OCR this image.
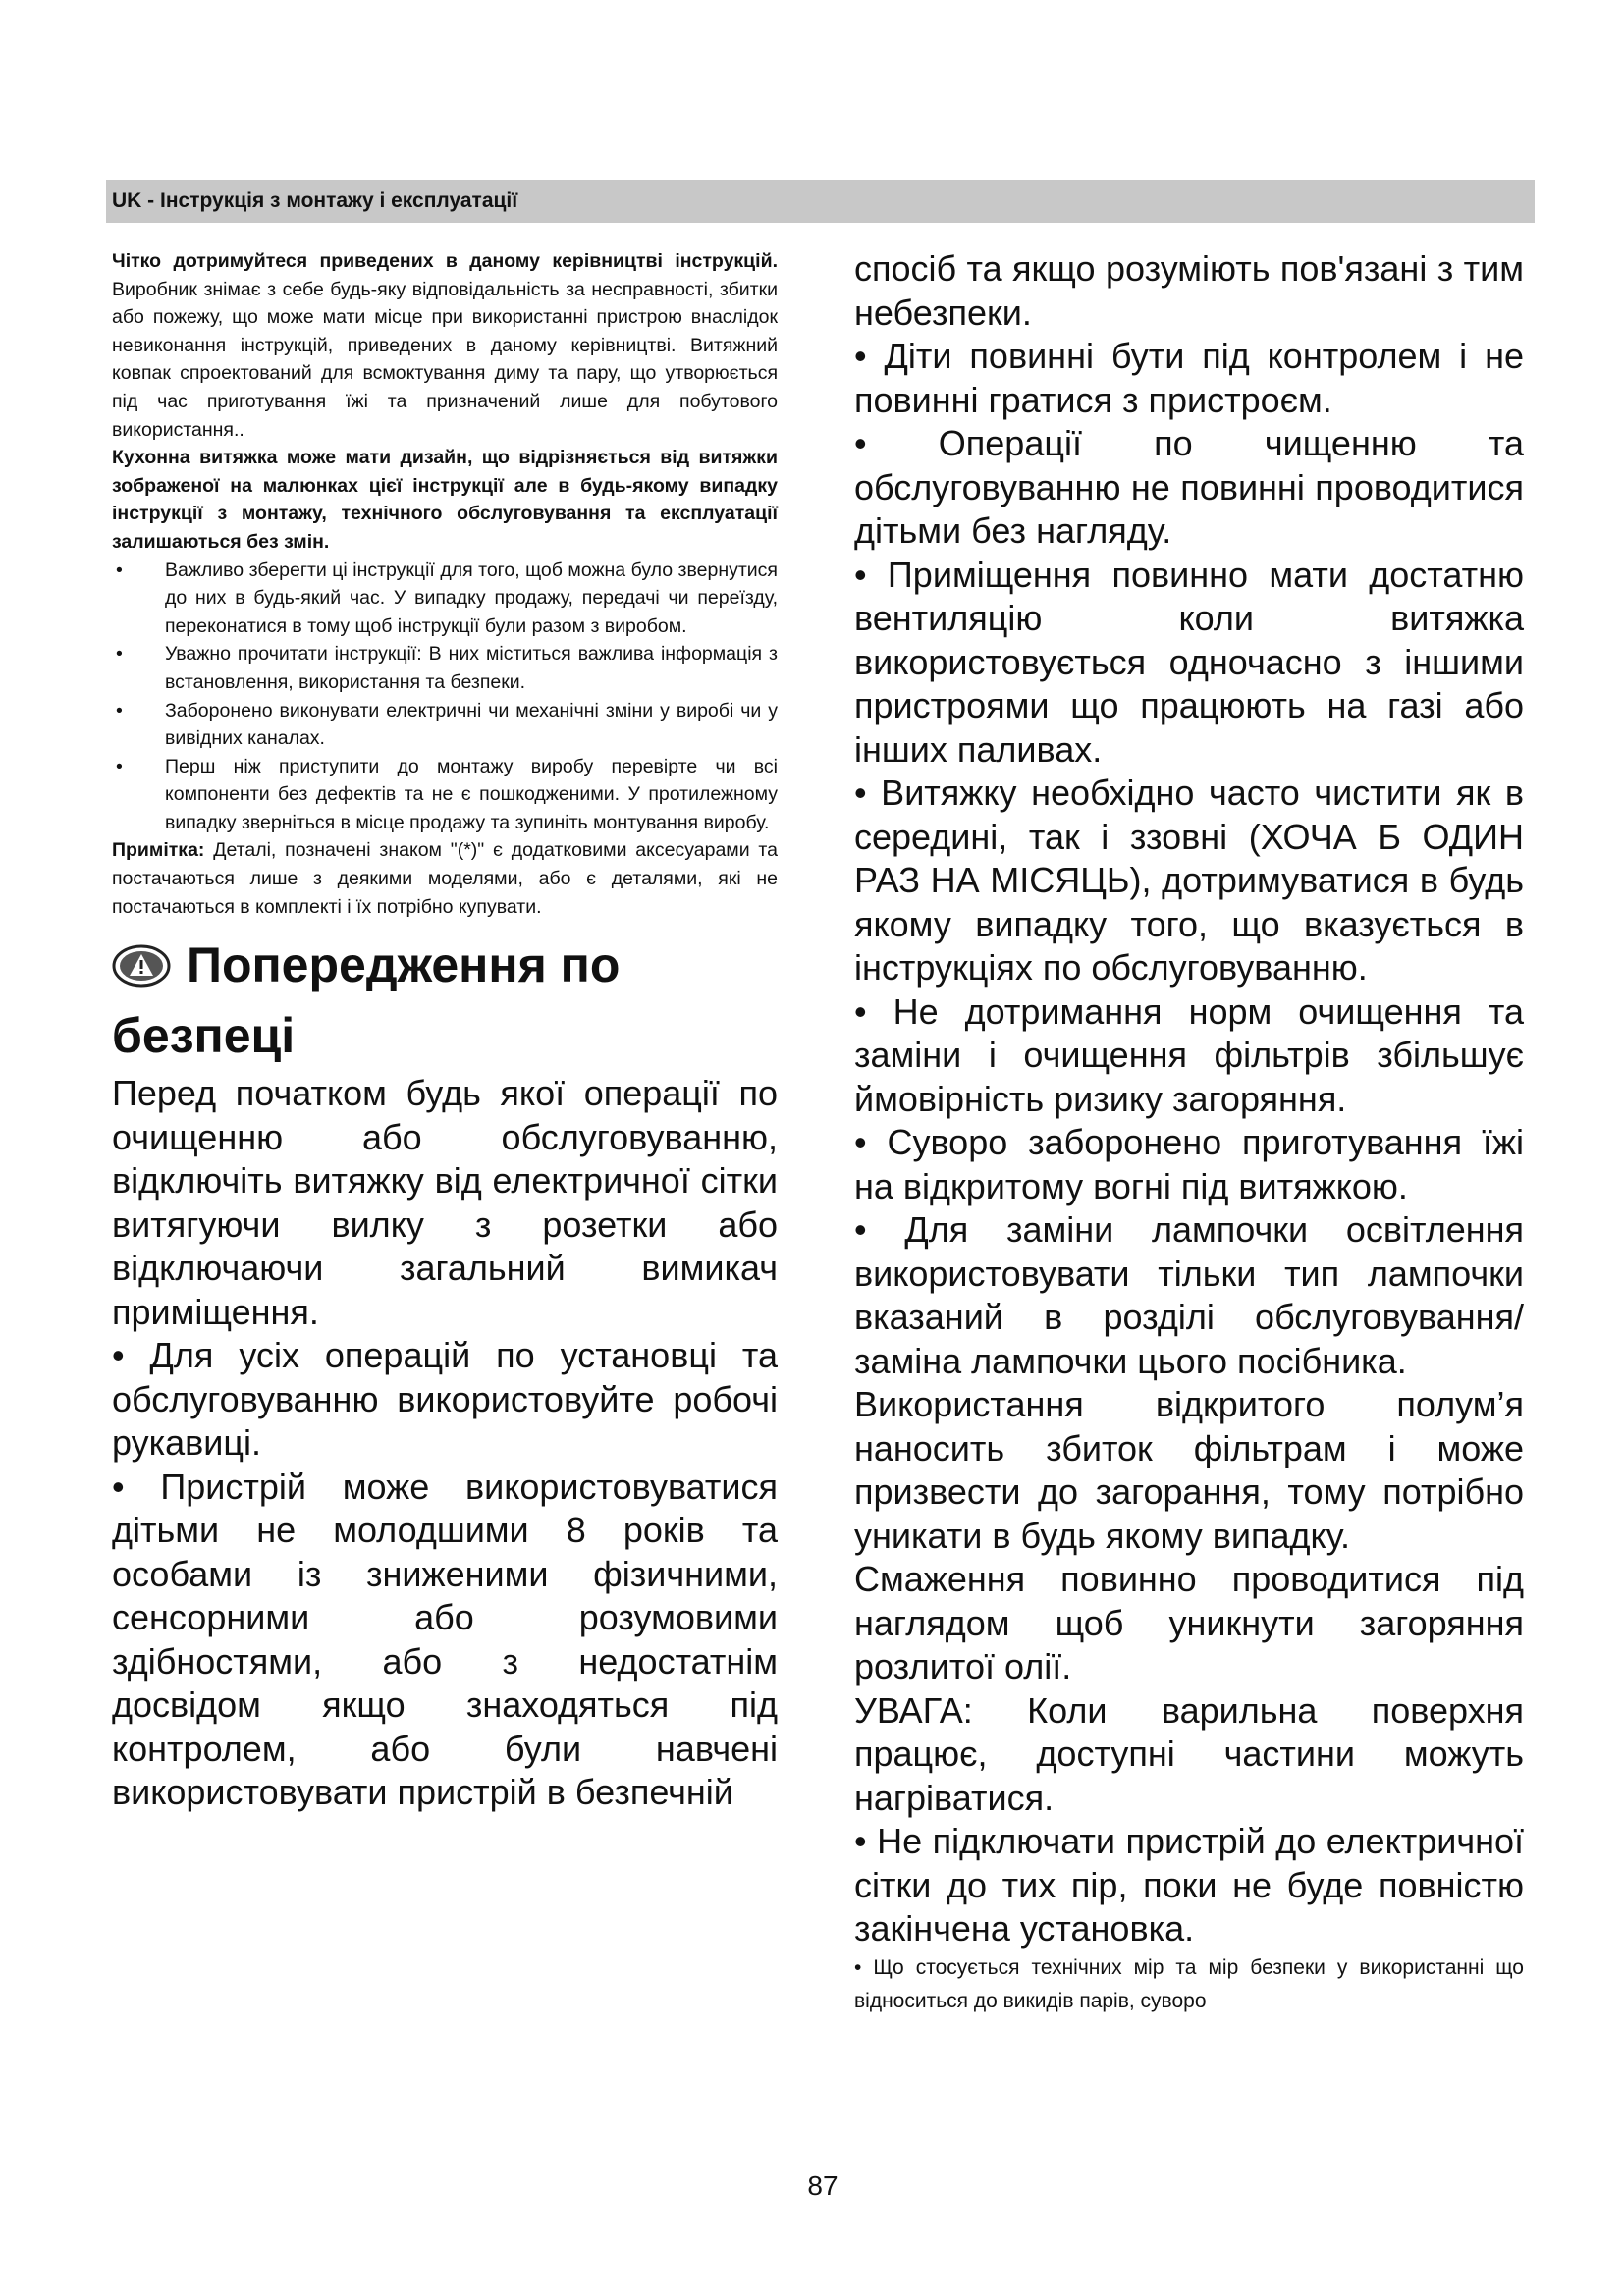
UK - Інструкція з монтажу і експлуатації

Чітко дотримуйтеся приведених в даному керівництві інструкцій. Виробник знімає з себе будь-яку відповідальність за несправності, збитки або пожежу, що може мати місце при використанні пристрою внаслідок невиконання інструкцій, приведених в даному керівництві. Витяжний ковпак спроектований для всмоктування диму та пару, що утворюється під час приготування їжі та призначений лише для побутового використання..

Кухонна витяжка може мати дизайн, що відрізняється від витяжки зображеної на малюнках цієї інструкції але в будь-якому випадку інструкції з монтажу, технічного обслуговування та експлуатації залишаються без змін.

• Важливо зберегти ці інструкції для того, щоб можна було звернутися до них в будь-який час. У випадку продажу, передачі чи переїзду, переконатися в тому щоб інструкції були разом з виробом.
• Уважно прочитати інструкції: В них міститься важлива інформація з встановлення, використання та безпеки.
• Заборонено виконувати електричні чи механічні зміни у виробі чи у вивідних каналах.
• Перш ніж приступити до монтажу виробу перевірте чи всі компоненти без дефектів та не є пошкодженими. У протилежному випадку зверніться в місце продажу та зупиніть монтування виробу.

Примітка: Деталі, позначені знаком "(*)" є додатковими аксесуарами та постачаються лише з деякими моделями, або є деталями, які не постачаються в комплекті і їх потрібно купувати.

Попередження по безпеці

Перед початком будь якої операції по очищенню або обслуговуванню, відключіть витяжку від електричної сітки витягуючи вилку з розетки або відключаючи загальний вимикач приміщення.

• Для усіх операцій по установці та обслуговуванню використовуйте робочі рукавиці.

• Пристрій може використовуватися дітьми не молодшими 8 років та особами із зниженими фізичними, сенсорними або розумовими здібностями, або з недостатнім досвідом якщо знаходяться під контролем, або були навчені використовувати пристрій в безпечній

спосіб та якщо розуміють пов'язані з тим небезпеки.

• Діти повинні бути під контролем і не повинні гратися з пристроєм.

• Операції по чищенню та обслуговуванню не повинні проводитися дітьми без нагляду.

• Приміщення повинно мати достатню вентиляцію коли витяжка використовується одночасно з іншими пристроями що працюють на газі або інших паливах.

• Витяжку необхідно часто чистити як в середині, так і ззовні (ХОЧА Б ОДИН РАЗ НА МІСЯЦЬ), дотримуватися в будь якому випадку того, що вказується в інструкціях по обслуговуванню.

• Не дотримання норм очищення та заміни і очищення фільтрів збільшує ймовірність ризику загоряння.

• Суворо заборонено приготування їжі на відкритому вогні під витяжкою.

• Для заміни лампочки освітлення використовувати тільки тип лампочки вказаний в розділі обслуговування/заміна лампочки цього посібника.

Використання відкритого полум’я наносить збиток фільтрам і може призвести до загорання, тому потрібно уникати в будь якому випадку.

Смаження повинно проводитися під наглядом щоб уникнути загоряння розлитої олії.

УВАГА: Коли варильна поверхня працює, доступні частини можуть нагріватися.

• Не підключати пристрій до електричної сітки до тих пір, поки не буде повністю закінчена установка.

• Що стосується технічних мір та мір безпеки у використанні що відноситься до викидів парів, суворо

87
